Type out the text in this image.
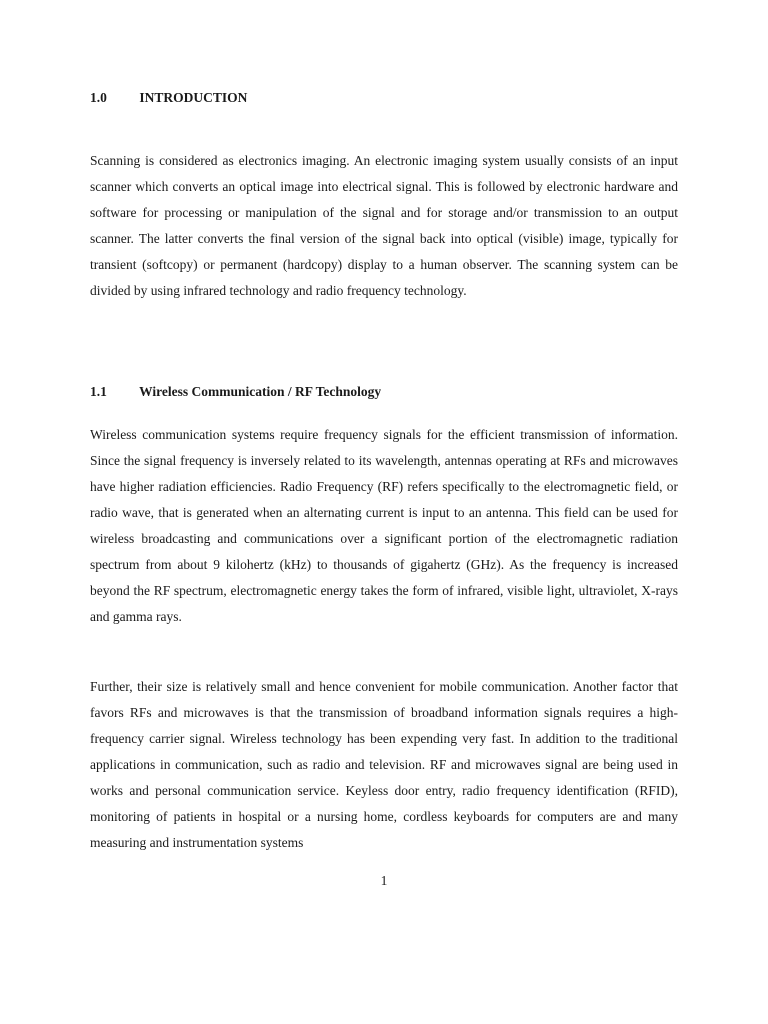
1.0 INTRODUCTION

Scanning is considered as electronics imaging. An electronic imaging system usually consists of an input scanner which converts an optical image into electrical signal. This is followed by electronic hardware and software for processing or manipulation of the signal and for storage and/or transmission to an output scanner. The latter converts the final version of the signal back into optical (visible) image, typically for transient (softcopy) or permanent (hardcopy) display to a human observer. The scanning system can be divided by using infrared technology and radio frequency technology.

1.1 Wireless Communication / RF Technology

Wireless communication systems require frequency signals for the efficient transmission of information. Since the signal frequency is inversely related to its wavelength, antennas operating at RFs and microwaves have higher radiation efficiencies. Radio Frequency (RF) refers specifically to the electromagnetic field, or radio wave, that is generated when an alternating current is input to an antenna. This field can be used for wireless broadcasting and communications over a significant portion of the electromagnetic radiation spectrum from about 9 kilohertz (kHz) to thousands of gigahertz (GHz). As the frequency is increased beyond the RF spectrum, electromagnetic energy takes the form of infrared, visible light, ultraviolet, X-rays and gamma rays.

Further, their size is relatively small and hence convenient for mobile communication. Another factor that favors RFs and microwaves is that the transmission of broadband information signals requires a high-frequency carrier signal. Wireless technology has been expending very fast. In addition to the traditional applications in communication, such as radio and television. RF and microwaves signal are being used in works and personal communication service. Keyless door entry, radio frequency identification (RFID), monitoring of patients in hospital or a nursing home, cordless keyboards for computers are and many measuring and instrumentation systems

1
